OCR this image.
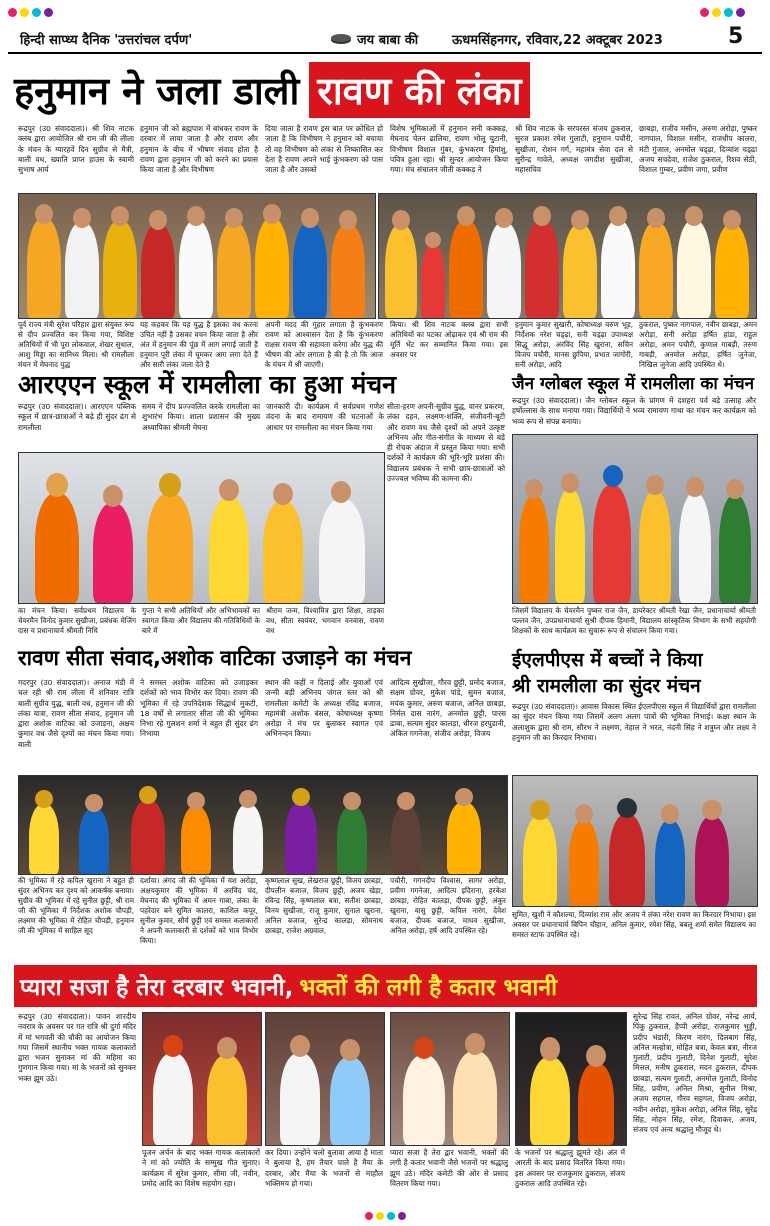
हिन्दी साप्ध्य दैनिक 'उत्तरांचल दर्पण'	जय बाबा की	ऊधमसिंहनगर, रविवार,22 अक्टूबर 2023	5
हनुमान ने जला डाली रावण की लंका
रूद्रपुर (उ0 संवाददाता)। श्री शिव नाटक क्लब द्वारा आयोजित श्री राम जी की लीला के मंचन के ग्यारहवें दिन सुग्रीव से मैत्री, बाली वध, ख्याति प्राप्त हाउस के स्वामी सुभाष आर्य
हनुमान जी को ब्रह्मपाश में बांधकर रावण के दरबार में लाया जाता है और रावण और हनुमान के बीच में भीषण संवाद होता है रावण द्वारा हनुमान जी को करने का प्रयास किया जाता है और विभीषण
दिया जाता है रावण इस बात पर क्रोधित हो जाता है कि विभीषण ने हनुमान को बचाया तो वह विभीषण को लंका से निष्कासित कर देता है रावण अपने भाई कुंभकरण को पास जाता है और उसको
विशेष भूमिकाओं में हनुमान सनी कक्कड़, मेघनाद चेतन ढालिया, रावण भोलू चुटानी, विभीषण विशाल गुंबर, कुंभकरण हिमांशु, पवित्र हुआ रहा। श्री सुन्दर आयोजन किया गया। मंच संचालन जीती कक्कड़ ने
श्री शिव नाटक के सरपरस्त संजय ठुकराल, सुरज प्रकाश रमेश गुलाटी, हनुमान पचौरी, सुखीजा, रोशन गर्ग, महामंत्र सेवा दल से सुरीन्द्र गावेले, अध्यक्ष जगदीश सुखीजा, महासचिव
छाबड़ा, राजीव मसीन, अरुण अरोड़ा, पुष्कर नागपाल, विशाल मसीन, राजधीप कालरा, मंटी गुंजाल, अनमोल चड्ढ़ा, दिव्यांश चड्ढ़ा अजय सचदेवा, राजेश ठुकराल, रिशव सेठी, विशाल गुम्बर, प्रवीण जगा, प्रवीण
पूर्व राज्य मंत्री सुरेश परिहार द्वारा संयुक्त रूप से दीप प्रज्वलित कर किया गया, विशिष्ट अतिथियों में भी पूरा लोकवाल, शेखर सुथाल, आशु मिड्डा का सानिध्य मिला। श्री रामलीला मंचन में मेघनाद युद्ध
यह कहकर कि यह युद्ध है इसका वध करना उचित नहीं है उसका वचन किया जाता है और अंत में हनुमान की पूंछ में आग लगाई जाती है हनुमान पूरी लंका में घूमकर आग लगा देते हैं और सारी लंका जला देते हैं
अपनी मदद की गुहार लगाता है कुंभकरण रावण को आश्वासन देता है कि कुंभकरण राक्षस रावण की सहायता करेगा और युद्ध की भीषण की ओर लगाता है की है तो कि आज के मंचन में श्री जाएगी।
किया। श्री शिव नाटक क्लब द्वारा सभी अतिथियों का पटका ओढ़ाकर एवं श्री राम की मूर्ति भेंट कर सम्मानित किया गया। इस अवसर पर
हनुमान कुमार सुखारी, कोषाध्यक्ष वरुण भूड़, निर्देशक नरेश चड्ढ़ा, सनी चड्ढ़ा उपाध्यक्ष सिद्धू अरोड़ा, अरविंद सिंह खुराना, सचिन विजय पचौरी, मानस छुपिया, प्रभात जागोरी, सनी अरोड़ा, आदि
ठुकराल, पुष्कर नागपाल, नवीन छाबड़ा, अमन अरोड़ा, सनी अरोड़ा हर्षित हांडा, राहुल अरोड़ा, अमन पचौरी, कुणाल गाबड़ी, तरुण गाबड़ी, अनमोल अरोड़ा, हर्षित जुनेजा, निखिल जुनेजा आदि उपस्थित थे।
आरएएन स्कूल में रामलीला का हुआ मंचन
रूद्रपुर (उ0 संवाददाता)। आरएएन पब्लिक स्कूल में छात्र-छात्राओं ने बढ़े ही सुंदर ढंग से रामलीला
समय ने दीप प्रज्ज्वलित करके रामलीला का शुभारंभ किया। शाला प्रशासन की मुख्य अध्यापिका श्रीमती मेघना
जानकारी दी। कार्यक्रम में सर्वप्रथम गणेश वंदना के बाद रामायण की घटनाओं के आधार पर रामलीला का मंचन किया गया
सीता-हरण अपनी-सुग्रीव युद्ध, वानर प्रकरण, लंका दहन, लक्ष्मण-शक्ति, संजीवनी-बूटी और रावण वध जैसे दृश्यों को अपने उत्कृष्ट अभिनय और गीत-संगीत के माध्यम से बड़े ही रोचक अंदाज में प्रस्तुत किया गया। सभी दर्शकों ने कार्यक्रम की भूरि-भूरि प्रशंसा की। विद्यालय प्रबंधक ने सभी छात्र-छात्राओं को उज्ज्वल भविष्य की कामना की।
का मंचन किया। सर्वप्रथम विद्यालय के चेयरमैन विनोद कुमार सुखीजा, प्रबंधक मेजिंग दास व प्रधानाचार्य श्रीमती निधि
गुप्ता ने सभी अतिथियों और अभिभावकों का स्वागत किया और विद्यालय की गतिविधियों के बारे में
श्रीराम जन्म, विश्वामित्र द्वारा शिक्षा, ताड़का वध, सीता स्वयंवर, भगवान वनवास, रावण वध
जैन ग्लोबल स्कूल में रामलीला का मंचन
रूद्रपुर (उ0 संवाददाता)। जैन ग्लोबल स्कूल के प्रांगण में दशहरा पर्व बड़े उत्साह और हर्षोल्लास के साथ मनाया गया। विद्यार्थियों ने भव्य रामायण गाथा का मंचन कर कार्यक्रम को भव्य रूप से संपन्न बनाया।
जिसमें विद्यालय के चेयरमैन पुष्कर राज जैन, डायरेक्टर श्रीमती रेखा जैन, प्रधानाचार्या श्रीमती पल्लव जैन, उपप्रधानाचार्या सुश्री दीपक हिमानी, विद्यालय सांस्कृतिक विभाग के सभी सहयोगी शिक्षकों के साथ कार्यक्रम का सुचारू रूप से संचालन किया गया।
रावण सीता संवाद,अशोक वाटिका उजाड़ने का मंचन
गदरपुर (उ0 संवाददाता)। अनाज मंडी में चल रही श्री राम लीला में शनिवार रात्रि बाली सुग्रीव युद्ध, बाली वध, हनुमान जी की लंका यात्रा, रावण सीता संवाद, हनुमान जी द्वारा अशोक वाटिका को उजाड़ना, अक्षय कुमार वध जैसे दृश्यों का मंचन किया गया। बाली
ने समस्त अशोक वाटिका को उजाड़कर दर्शकों को भाव विभोर कर दिया। रावण की भूमिका में रहे उपनिदेशक सिद्धार्थ मुकटी, 18 वर्षों से लगातार सीता जी की भूमिका निभा रहे गुलशन शर्मा ने बहुत ही सुंदर ढंग निभाया
स्थान की कहीं न दिलाई और युवाओं एवं जन्मी बड़ी अभिनय जंगल स्तर को श्री रामलीला कमेटी के अध्यक्ष रविंद्र बजाज, महामंत्री अशोक बंसल, कोषाध्यक्ष कृष्णा अरोड़ा ने मंच पर बुलाकर स्वागत एवं अभिनन्दन किया।
आदित्य सुखीजा, गौरव छुट्टी, प्रमोद बजाज, सक्षम ग्रोवर, मुकेश पांडे, सुमन बजाज, मयंक कुमार, अरुण बजाज, अनिल छाबड़ा, निर्मल दास नारंग, अनमोल छुट्टी, पारस ढाबा, सत्यम सुंदर कालड़ा, धीरज हरपुडानी, अंकित गगनेजा, संजीव अरोड़ा, विजय
की भूमिका में रहे कपिल खुराना ने बहुत ही सुंदर अभिनय कर दृश्य को आकर्षक बनाया। सुग्रीव की भूमिका में रहे सुनील छुट्टी, श्री राम जी की भूमिका में निर्देशक अशोक चौपड़ी, लक्ष्मण की भूमिका में रोहित चौपड़ी, हनुमान जी की भूमिका में साहिल सूद
दर्शाया। अंगद जी की भूमिका में यश अरोड़ा, अक्षयकुमार की भूमिका में अरविंद चंद, मेघनाद की भूमिका में अमन गाबा, लंका के पहरेदार बने सुमित कालरा, काशिल कपूर, सुनील कुमार, सौर्य छुट्टी एवं समस्त कलाकारों ने अपनी कलाकारी से दर्शकों को भाव विभोर किया।
कृष्णलाल सुख, लेखराज छुट्टी, विजय छाबड़ा, दीपलीन बजाज, विजय छुट्टी, अजय खेड़ा, रविन्द्र सिंह, कृष्णलाल बत्रा, सतीश छाबड़ा, विनय सुखीजा, राजू कुमार, सुनाल खुराना, अनिल बजाज, सुरेन्द्र कालड़ा, सोमनाथ छाबड़ा, राजेश अग्रवाल,
पचौरी, गगनदीप विश्वास, सागर अरोड़ा, प्रवीण गगनेजा, आदित्य इदिराना, हरकेश छाबड़ा, रोहित कालड़ा, दीपक छुट्टी, अंकुर खुराना, वासु छुट्टी, कपिल नारंग, देवेश बजाज, दीपक बजाज, माधव सुखीजा, अनिल अरोड़ा, हर्ष आदि उपस्थित रहे।
ईएलपीएस में बच्चों ने किया
श्री रामलीला का सुंदर मंचन
रूद्रपुर (उ0 संवाददाता)। आवास विकास स्थित ईएलपीएस स्कूल में विद्यार्थियों द्वारा रामलीला का सुंदर मंचन किया गया जिसमें अलग अलग पात्रों की भूमिका निभाई। कक्षा स्थान के अलाशुक द्वारा श्री राम, सौरभ ने लक्ष्मण, नेहाल ने भरत, नंदनी सिंह ने शत्रुघ्न और लक्ष्य ने हनुमान जी का किरदार निभाया।
सुमित, खुशी ने कौशल्या, दिव्यांश राम और अजय ने लंका नरेश रावण का किरदार निभाया। इस अवसर पर प्रधानाचार्य बिपिन चौहान, अनिल कुमार, रमेश सिंह, बबलू शर्मा समेत विद्यालय का समस्त स्टाफ उपस्थित रहे।
प्यारा सजा है तेरा दरबार भवानी, भक्तों की लगी है कतार भवानी
रूद्रपुर (उ0 संवाददाता)। पावन शारदीय नवरात्र के अवसर पर गत रात्रि श्री दुर्गा मंदिर में मां भगवती की चौकी का आयोजन किया गया जिसमें स्थानीय भक्त गायक कलाकारों द्वारा भजन सुनाकर मां की महिमा का गुणगान किया गया। मां के भजनों को सुनकर भक्त झूम उठे।
पूजन अर्चन के बाद भक्त गायक कलाकारों ने मां को ज्योति के सम्मुख गीत सुनाए। कार्यक्रम में सुरेश कुमार, सीमा जी, नवीन, प्रमोद आदि का विशेष सहयोग रहा।
कर दिया। उन्होंने चलो बुलावा आया है माता ने बुलाया है, हम तैयार चाले है मैया के दरबार, और मैया के भजनों से माहौल भक्तिमय हो गया।
प्यारा सजा है तेरा द्वार भवानी, भक्तों की लगी है कतार भवानी जैसे भजनों पर श्रद्धालु झूम उठे। मंदिर कमेटी की ओर से प्रसाद वितरण किया गया।
के भजनों पर श्रद्धालु झूमते रहे। अंत में आरती के बाद प्रसाद वितरित किया गया। इस अवसर पर राजकुमार ठुकराल, संजय ठुकराल आदि उपस्थित रहे।
सुरेन्द्र सिंह रावत, अनिल ग्रोवर, नरेन्द्र आर्य, पिंकू ठुकराल, हैप्पी अरोड़ा, राजकुमार भुड्डी, प्रदीप भंडारी, किरण नारंग, दिलबाग सिंह, अनिल मल्होत्रा, मोहित बत्रा, केवल बत्रा, नीरज गुलाटी, प्रदीप गुलाटी, दिनेश गुलाटी, सुरेश मित्तल, मनीष ठुकराल, मदन ठुकराल, दीपक छाबड़ा, सत्यम गुलाटी, अनमोल गुलाटी, विनोद सिंह, प्रवीण, अनिल मिश्रा, सुनील मिश्रा, अजय सहगल, गौरव सहगल, विजय अरोड़ा, नवीन अरोड़ा, मुकेश अरोड़ा, अनिल सिंह, सुरेंद्र सिंह, मोहन सिंह, रमेश, दिवाकर, अजय, संजय एवं अन्य श्रद्धालु मौजूद थे।
